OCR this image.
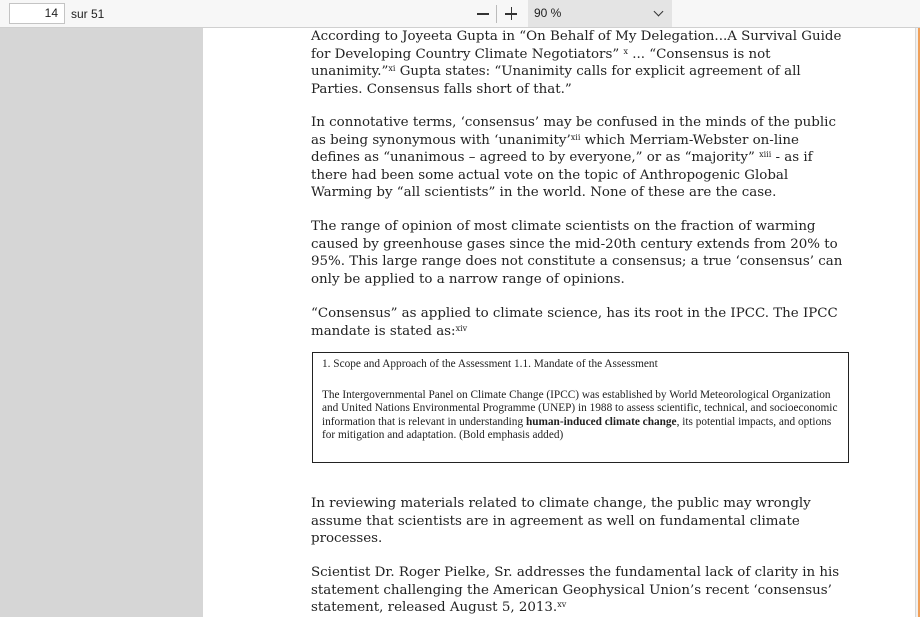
14	sur 51	90 %
According to Joyeeta Gupta in “On Behalf of My Delegation...A Survival Guide for Developing Country Climate Negotiators” $^x$ ... “Consensus is not unanimity.”$^{xi}$ Gupta states: “Unanimity calls for explicit agreement of all Parties. Consensus falls short of that.”
In connotative terms, ‘consensus’ may be confused in the minds of the public as being synonymous with ‘unanimity’$^{xii}$ which Merriam-Webster on-line defines as “unanimous – agreed to by everyone,” or as “majority” $^{xiii}$ - as if there had been some actual vote on the topic of Anthropogenic Global Warming by “all scientists” in the world. None of these are the case.
The range of opinion of most climate scientists on the fraction of warming caused by greenhouse gases since the mid-20th century extends from 20% to 95%. This large range does not constitute a consensus; a true ‘consensus’ can only be applied to a narrow range of opinions.
“Consensus” as applied to climate science, has its root in the IPCC. The IPCC mandate is stated as:$^{xiv}$

1. Scope and Approach of the Assessment 1.1. Mandate of the Assessment

The Intergovernmental Panel on Climate Change (IPCC) was established by World Meteorological Organization and United Nations Environmental Programme (UNEP) in 1988 to assess scientific, technical, and socioeconomic information that is relevant in understanding human-induced climate change, its potential impacts, and options for mitigation and adaptation. (Bold emphasis added)

In reviewing materials related to climate change, the public may wrongly assume that scientists are in agreement as well on fundamental climate processes.
Scientist Dr. Roger Pielke, Sr. addresses the fundamental lack of clarity in his statement challenging the American Geophysical Union’s recent ‘consensus’ statement, released August 5, 2013.$^{xv}$
